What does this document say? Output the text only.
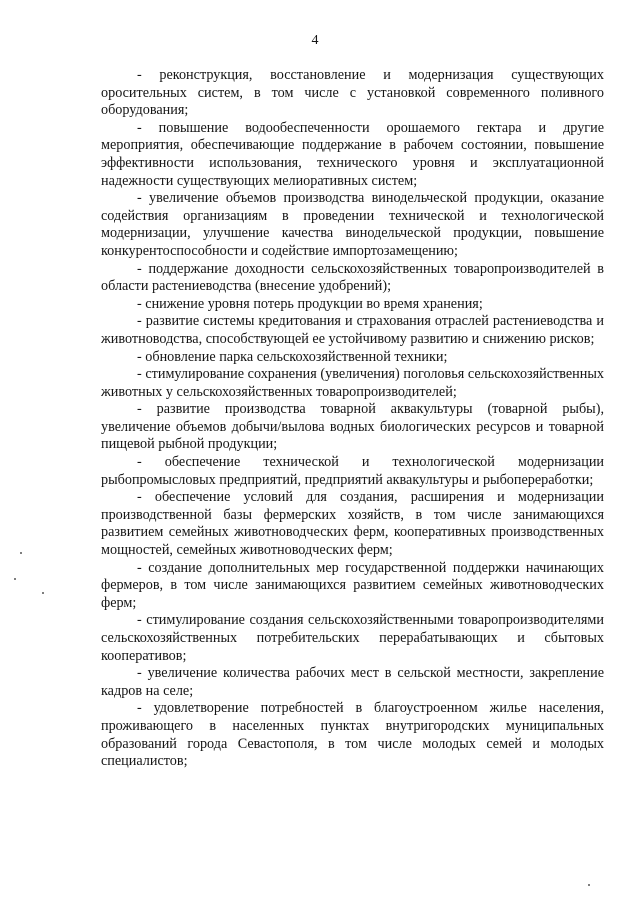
4

- реконструкция, восстановление и модернизация существующих оросительных систем, в том числе с установкой современного поливного оборудования;

- повышение водообеспеченности орошаемого гектара и другие мероприятия, обеспечивающие поддержание в рабочем состоянии, повышение эффективности использования, технического уровня и эксплуатационной надежности существующих мелиоративных систем;

- увеличение объемов производства винодельческой продукции, оказание содействия организациям в проведении технической и технологической модернизации, улучшение качества винодельческой продукции, повышение конкурентоспособности и содействие импортозамещению;

- поддержание доходности сельскохозяйственных товаропроизводителей в области растениеводства (внесение удобрений);

- снижение уровня потерь продукции во время хранения;

- развитие системы кредитования и страхования отраслей растениеводства и животноводства, способствующей ее устойчивому развитию и снижению рисков;

- обновление парка сельскохозяйственной техники;

- стимулирование сохранения (увеличения) поголовья сельскохозяйственных животных у сельскохозяйственных товаропроизводителей;

- развитие производства товарной аквакультуры (товарной рыбы), увеличение объемов добычи/вылова водных биологических ресурсов и товарной пищевой рыбной продукции;

- обеспечение технической и технологической модернизации рыбопромысловых предприятий, предприятий аквакультуры и рыбопереработки;

- обеспечение условий для создания, расширения и модернизации производственной базы фермерских хозяйств, в том числе занимающихся развитием семейных животноводческих ферм, кооперативных производственных мощностей, семейных животноводческих ферм;

- создание дополнительных мер государственной поддержки начинающих фермеров, в том числе занимающихся развитием семейных животноводческих ферм;

- стимулирование создания сельскохозяйственными товаропроизводителями сельскохозяйственных потребительских перерабатывающих и сбытовых кооперативов;

- увеличение количества рабочих мест в сельской местности, закрепление кадров на селе;

- удовлетворение потребностей в благоустроенном жилье населения, проживающего в населенных пунктах внутригородских муниципальных образований города Севастополя, в том числе молодых семей и молодых специалистов;
